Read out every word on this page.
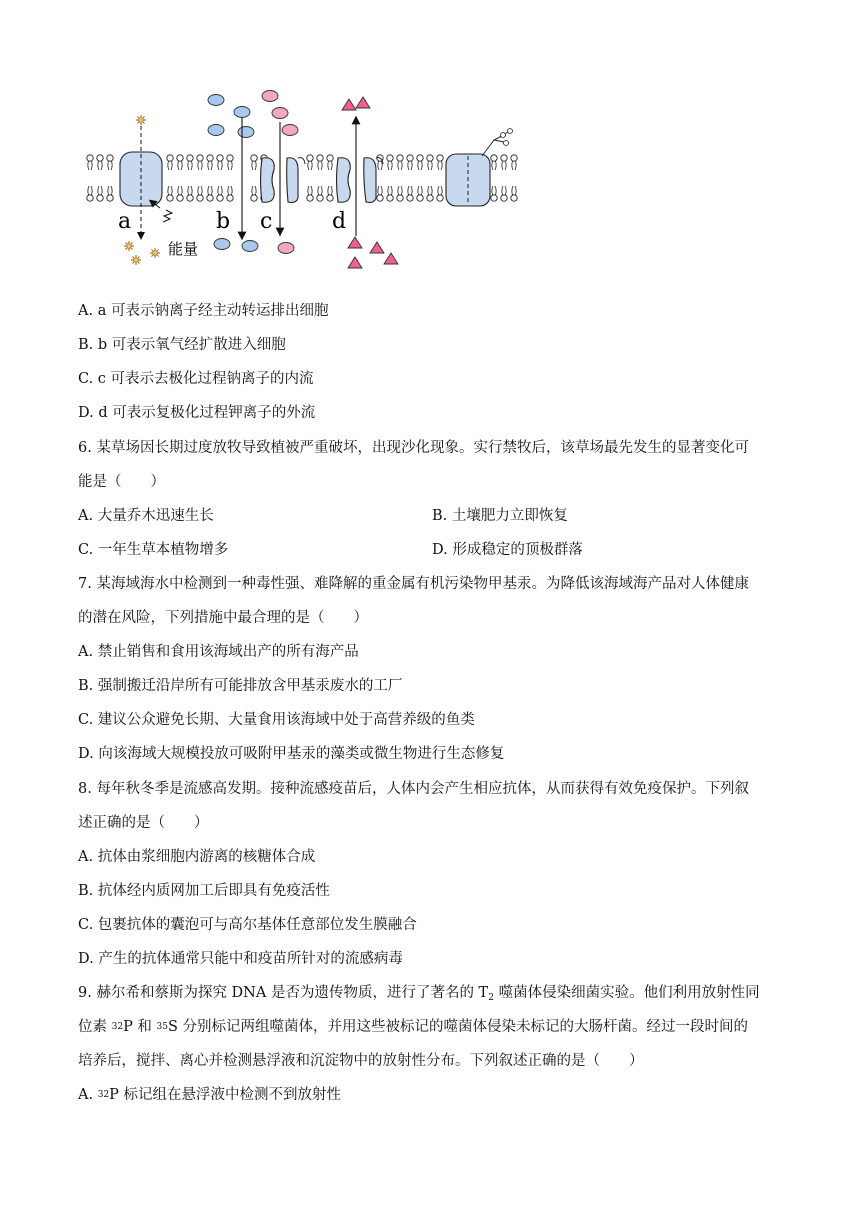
a	b c	d
能量
A. a 可表示钠离子经主动转运排出细胞
B. b 可表示氧气经扩散进入细胞
C. c 可表示去极化过程钠离子的内流
D. d 可表示复极化过程钾离子的外流
6. 某草场因长期过度放牧导致植被严重破坏，出现沙化现象。实行禁牧后，该草场最先发生的显著变化可
能是（　　）
A. 大量乔木迅速生长	B. 土壤肥力立即恢复
C. 一年生草本植物增多	D. 形成稳定的顶极群落
7. 某海域海水中检测到一种毒性强、难降解的重金属有机污染物甲基汞。为降低该海域海产品对人体健康
的潜在风险，下列措施中最合理的是（　　）
A. 禁止销售和食用该海域出产的所有海产品
B. 强制搬迁沿岸所有可能排放含甲基汞废水的工厂
C. 建议公众避免长期、大量食用该海域中处于高营养级的鱼类
D. 向该海域大规模投放可吸附甲基汞的藻类或微生物进行生态修复
8. 每年秋冬季是流感高发期。接种流感疫苗后，人体内会产生相应抗体，从而获得有效免疫保护。下列叙
述正确的是（　　）
A. 抗体由浆细胞内游离的核糖体合成
B. 抗体经内质网加工后即具有免疫活性
C. 包裹抗体的囊泡可与高尔基体任意部位发生膜融合
D. 产生的抗体通常只能中和疫苗所针对的流感病毒
9. 赫尔希和蔡斯为探究 DNA 是否为遗传物质，进行了著名的 $T_2$ 噬菌体侵染细菌实验。他们利用放射性同
位素 $^{32}$P 和 $^{35}$S 分别标记两组噬菌体，并用这些被标记的噬菌体侵染未标记的大肠杆菌。经过一段时间的
培养后，搅拌、离心并检测悬浮液和沉淀物中的放射性分布。下列叙述正确的是（　　）
A. $^{32}$P 标记组在悬浮液中检测不到放射性
